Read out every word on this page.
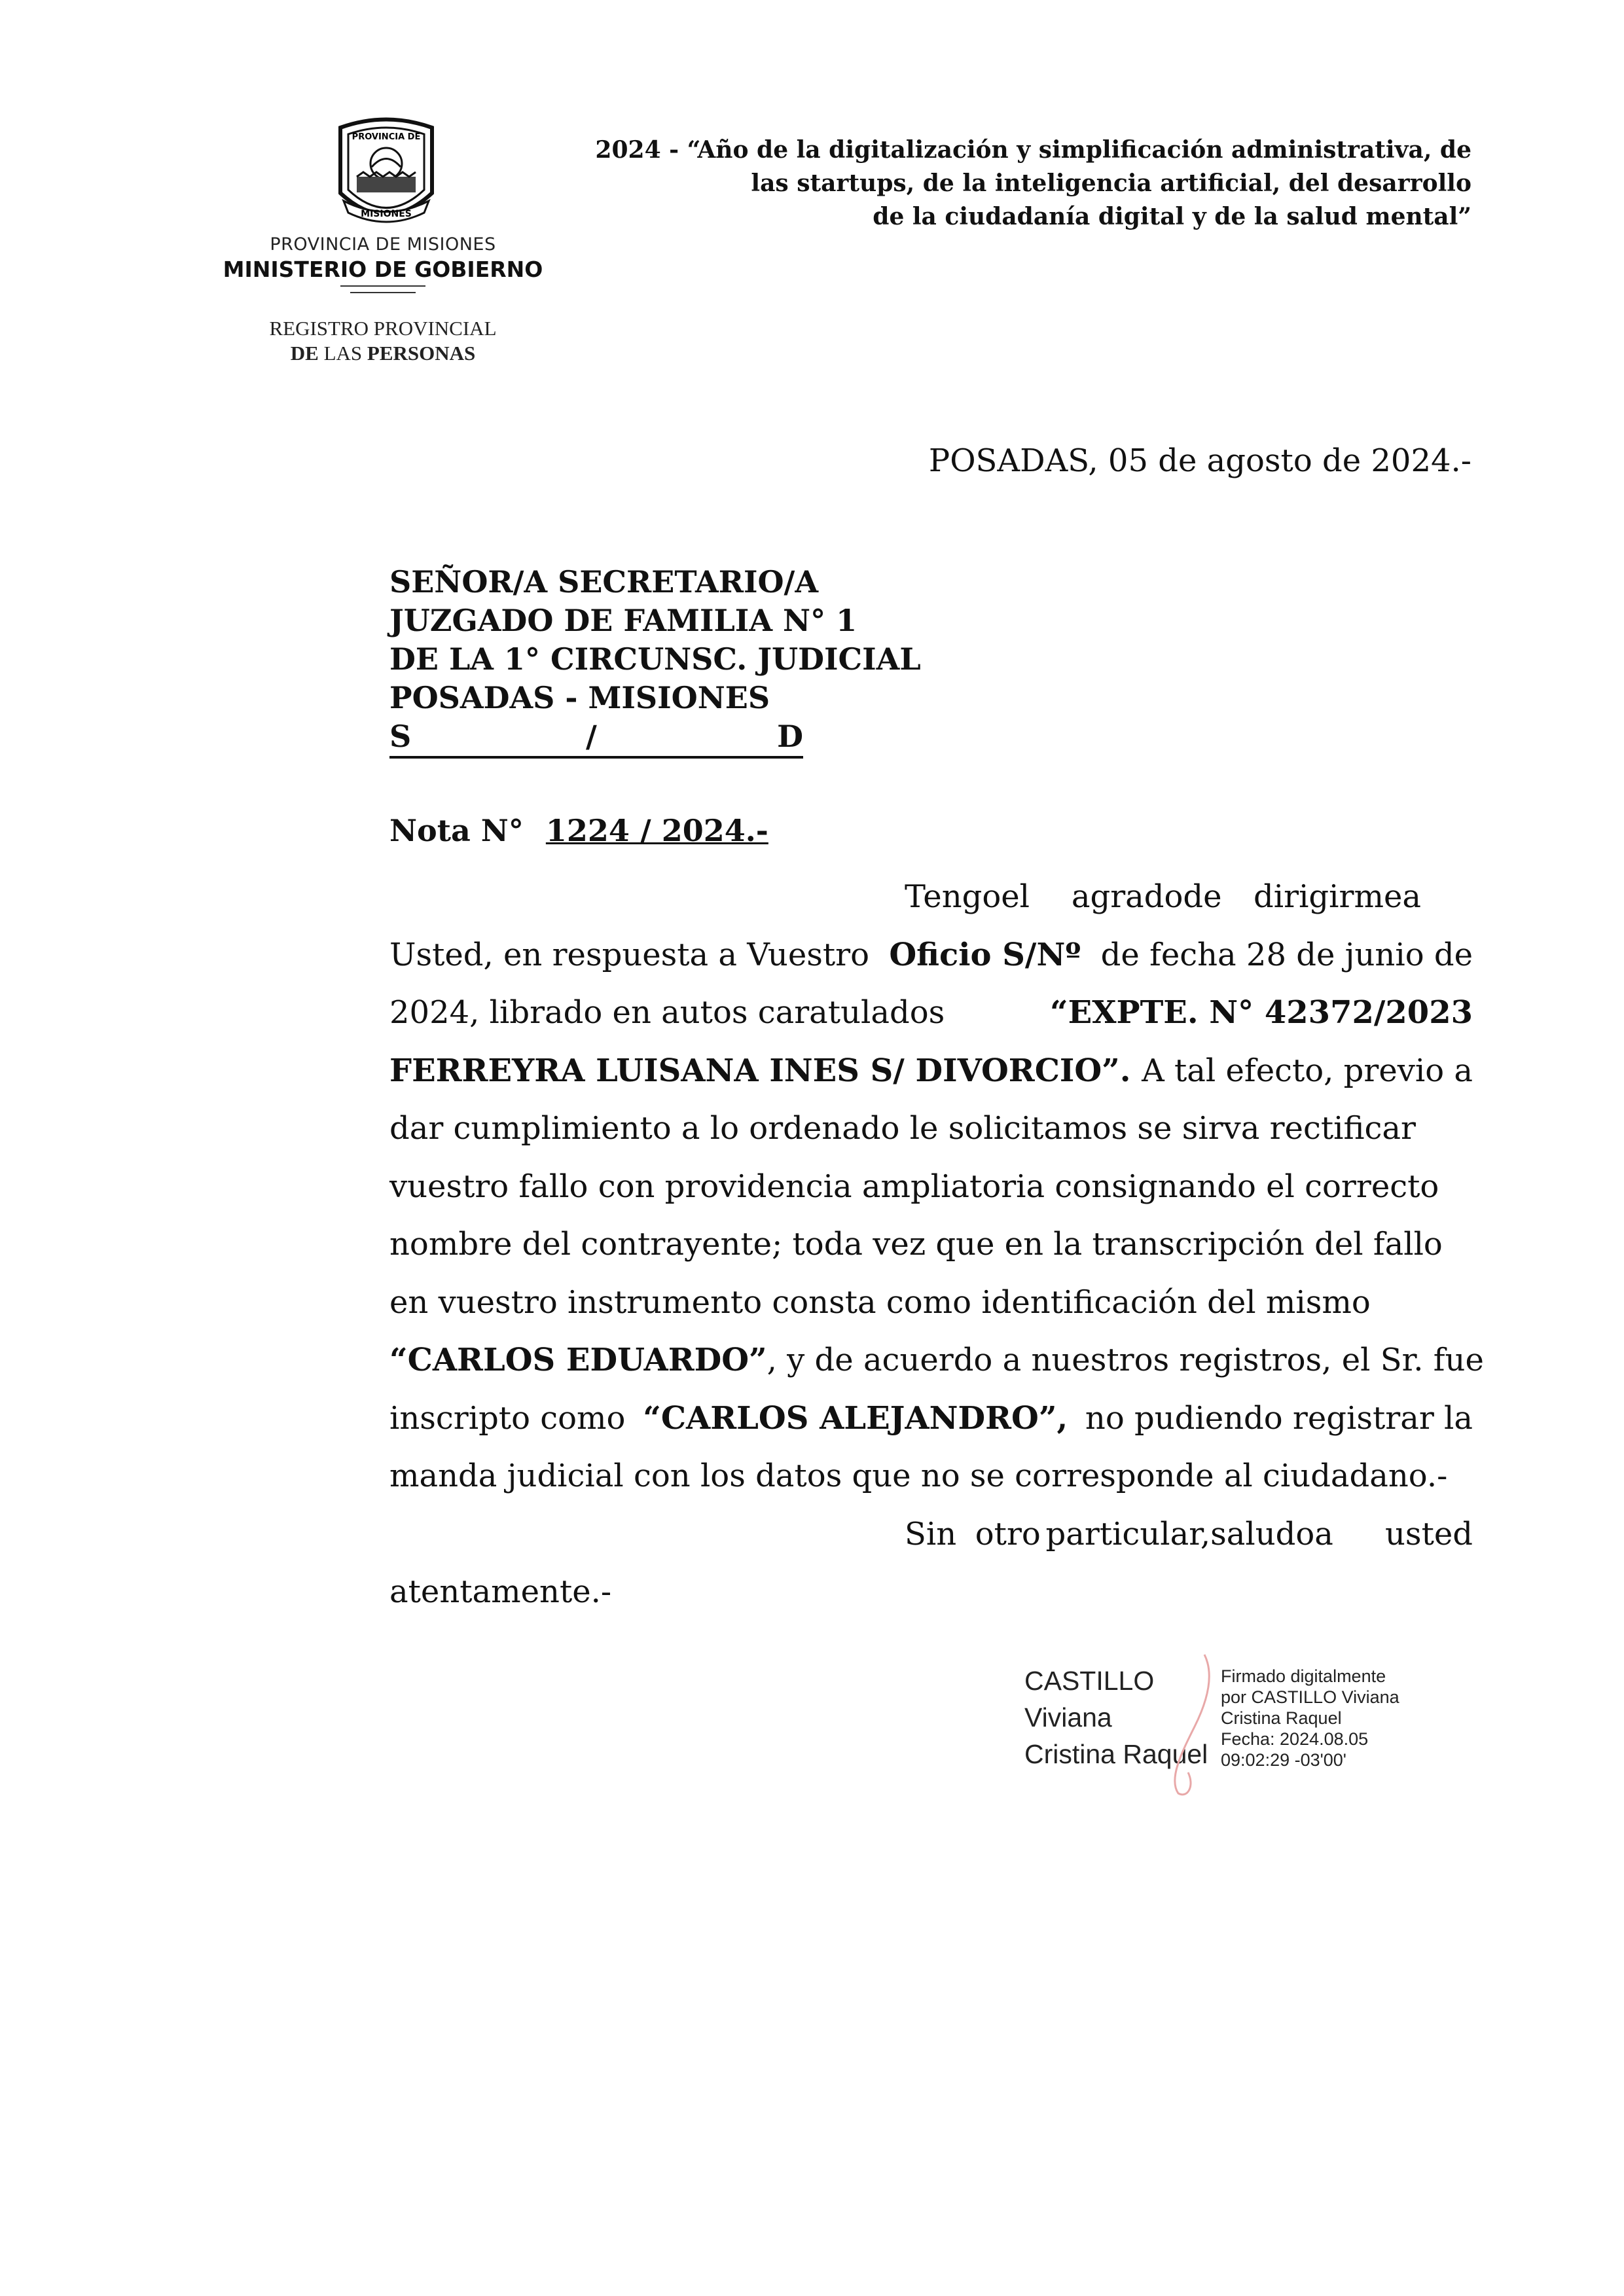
PROVINCIA DE
MISIONES
PROVINCIA DE MISIONES
MINISTERIO DE GOBIERNO
REGISTRO PROVINCIAL
DE LAS PERSONAS
2024 - “Año de la digitalización y simplificación administrativa, de
las startups, de la inteligencia artificial, del desarrollo
de la ciudadanía digital y de la salud mental”
POSADAS, 05 de agosto de 2024.-
SEÑOR/A SECRETARIO/A
JUZGADO DE FAMILIA N° 1
DE LA 1° CIRCUNSC. JUDICIAL
POSADAS - MISIONES
S	/	D
Nota N° 1224 / 2024.-
Tengo el	agrado de	dirigirme a
Usted, en respuesta a Vuestro Oficio S/Nº de fecha 28 de junio de
2024, librado en autos caratulados	“EXPTE. N° 42372/2023
FERREYRA LUISANA INES S/ DIVORCIO”. A tal efecto, previo a
dar cumplimiento a lo ordenado le solicitamos se sirva rectificar
vuestro fallo con providencia ampliatoria consignando el correcto
nombre del contrayente; toda vez que en la transcripción del fallo
en vuestro instrumento consta como identificación del mismo
“CARLOS EDUARDO”, y de acuerdo a nuestros registros, el Sr. fue
inscripto como “CARLOS ALEJANDRO”, no pudiendo registrar la
manda judicial con los datos que no se corresponde al ciudadano.-
Sin otro particular, saludo a	usted
atentamente.-
CASTILLO
Viviana
Cristina Raquel
Firmado digitalmente
por CASTILLO Viviana
Cristina Raquel
Fecha: 2024.08.05
09:02:29 -03'00'
